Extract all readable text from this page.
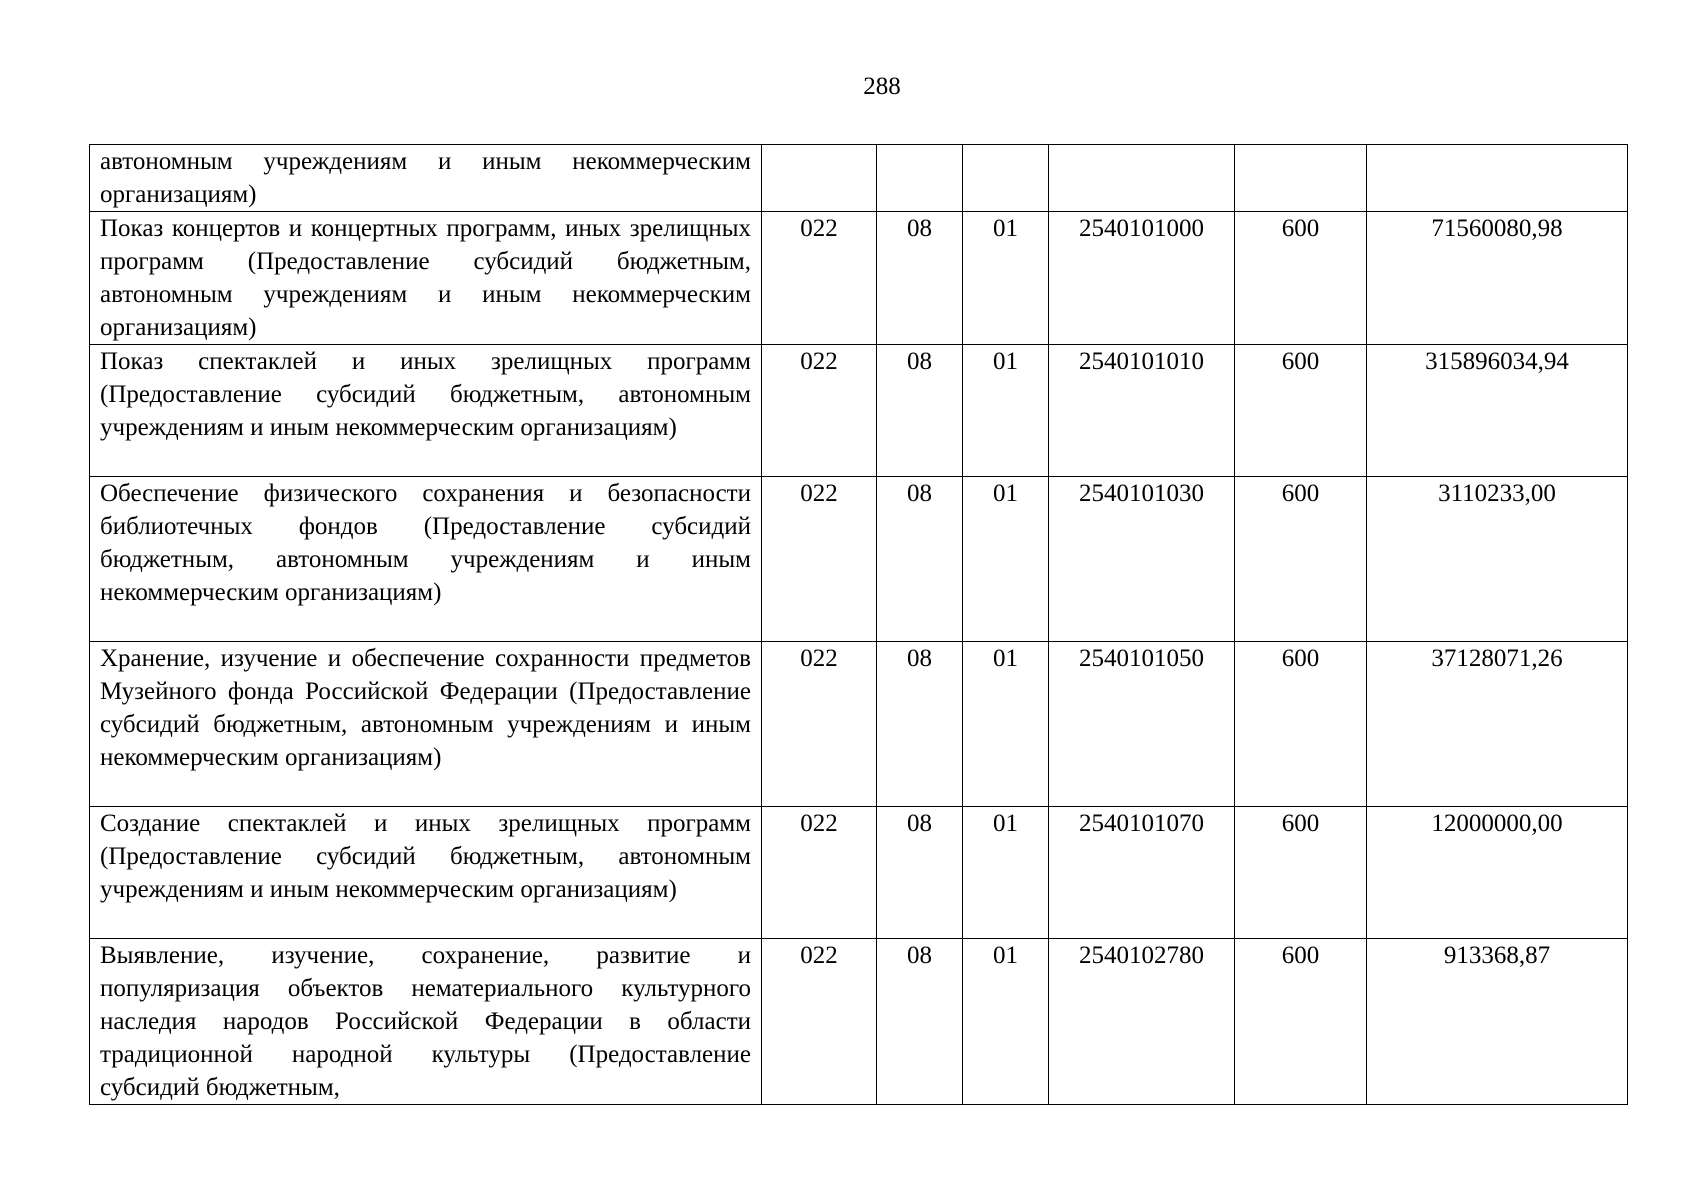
288
автономным учреждениям и иным некоммерческим организациям)						
Показ концертов и концертных программ, иных зрелищных программ (Предоставление субсидий бюджетным, автономным учреждениям и иным некоммерческим организациям)	022	08	01	2540101000	600	71560080,98
Показ спектаклей и иных зрелищных программ (Предоставление субсидий бюджетным, автономным учреждениям и иным некоммерческим организациям)	022	08	01	2540101010	600	315896034,94
Обеспечение физического сохранения и безопасности библиотечных фондов (Предоставление субсидий бюджетным, автономным учреждениям и иным некоммерческим организациям)	022	08	01	2540101030	600	3110233,00
Хранение, изучение и обеспечение сохранности предметов Музейного фонда Российской Федерации (Предоставление субсидий бюджетным, автономным учреждениям и иным некоммерческим организациям)	022	08	01	2540101050	600	37128071,26
Создание спектаклей и иных зрелищных программ (Предоставление субсидий бюджетным, автономным учреждениям и иным некоммерческим организациям)	022	08	01	2540101070	600	12000000,00
Выявление, изучение, сохранение, развитие и популяризация объектов нематериального культурного наследия народов Российской Федерации в области традиционной народной культуры (Предоставление субсидий бюджетным,	022	08	01	2540102780	600	913368,87
